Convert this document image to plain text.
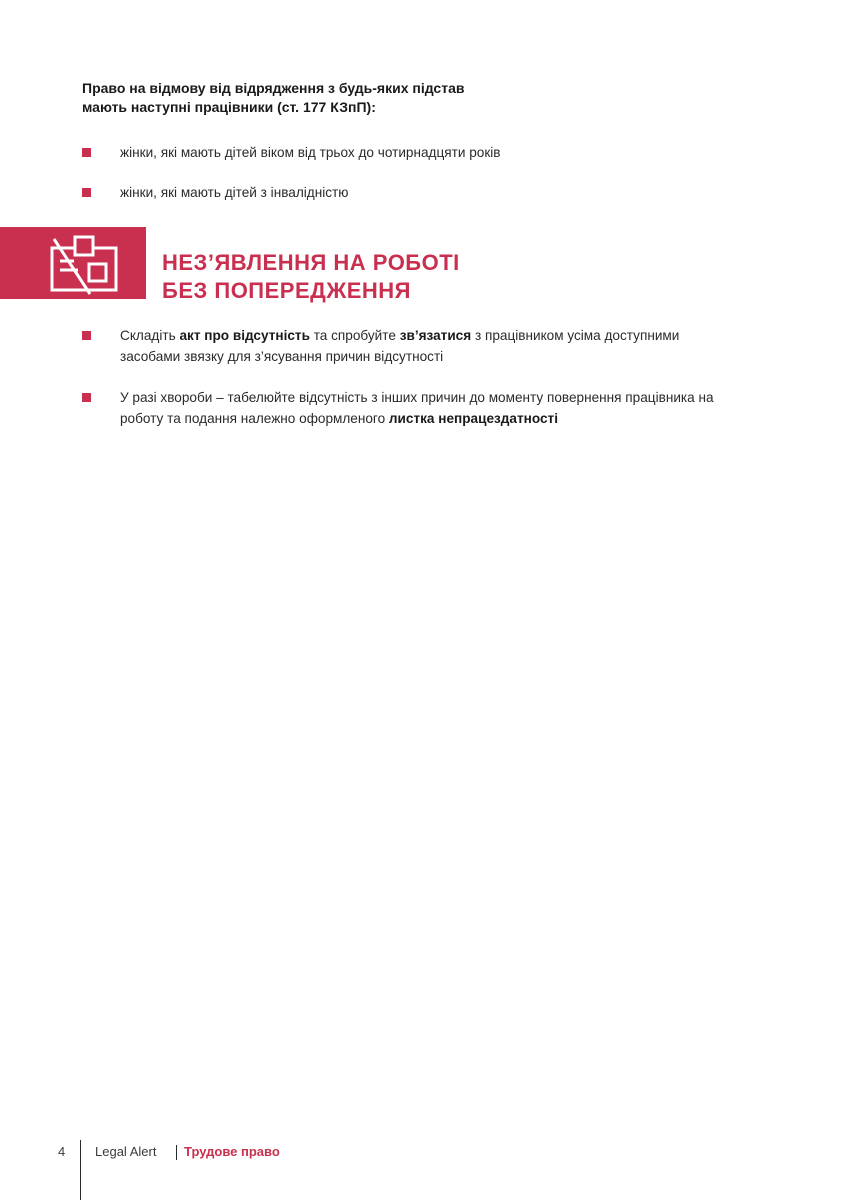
Право на відмову від відрядження з будь-яких підстав
мають наступні працівники (ст. 177 КЗпП):
жінки, які мають дітей віком від трьох до чотирнадцяти років
жінки, які мають дітей з інвалідністю
НЕЗ’ЯВЛЕННЯ НА РОБОТІ
БЕЗ ПОПЕРЕДЖЕННЯ
Складіть акт про відсутність та спробуйте зв’язатися з працівником усіма доступними
засобами звязку для з’ясування причин відсутності
У разі хвороби – табелюйте відсутність з інших причин до моменту повернення працівника на
роботу та подання належно оформленого листка непрацездатності
4 Legal Alert Трудове право
